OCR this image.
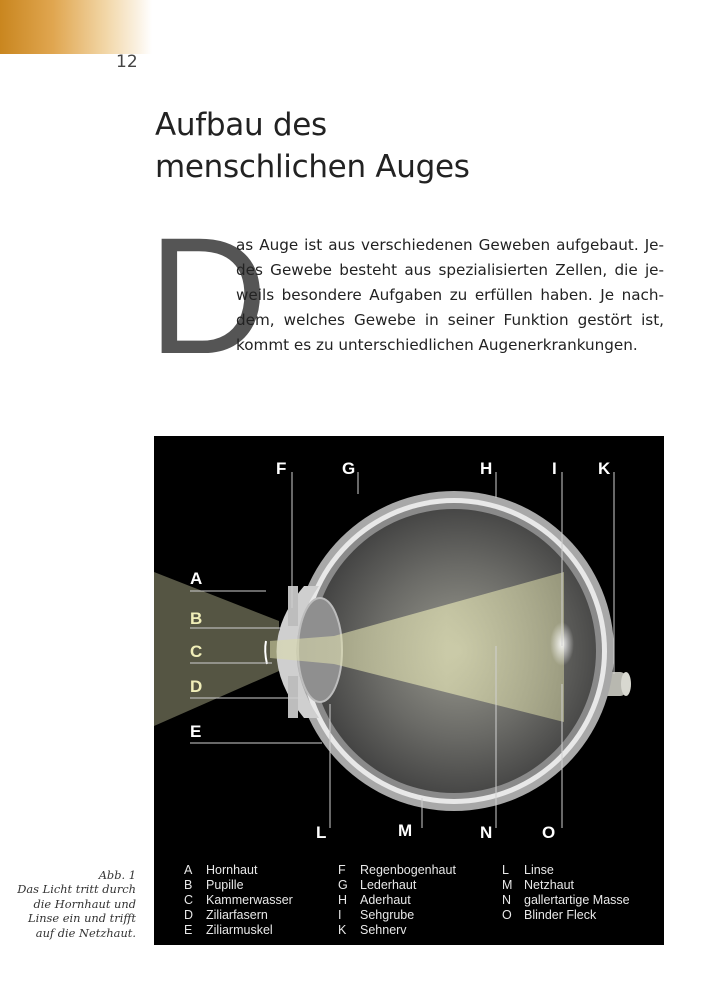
12
Aufbau des
menschlichen Auges
D

as Auge ist aus verschiedenen Geweben aufgebaut. Je-
des Gewebe besteht aus spezialisierten Zellen, die je-
weils besondere Aufgaben zu erfüllen haben. Je nach-
dem, welches Gewebe in seiner Funktion gestört ist,
kommt es zu unterschiedlichen Augenerkrankungen.

F	G	H	I K
A
B
C
D
E
L	M	N	O
A Hornhaut
B Pupille
C Kammerwasser
D Ziliarfasern
E Ziliarmuskel
F Regenbogenhaut
G Lederhaut
H Aderhaut
I Sehgrube
K Sehnerv
L Linse
M Netzhaut
N gallertartige Masse
O Blinder Fleck
Abb. 1
Das Licht tritt durch
die Hornhaut und
Linse ein und trifft
auf die Netzhaut.
